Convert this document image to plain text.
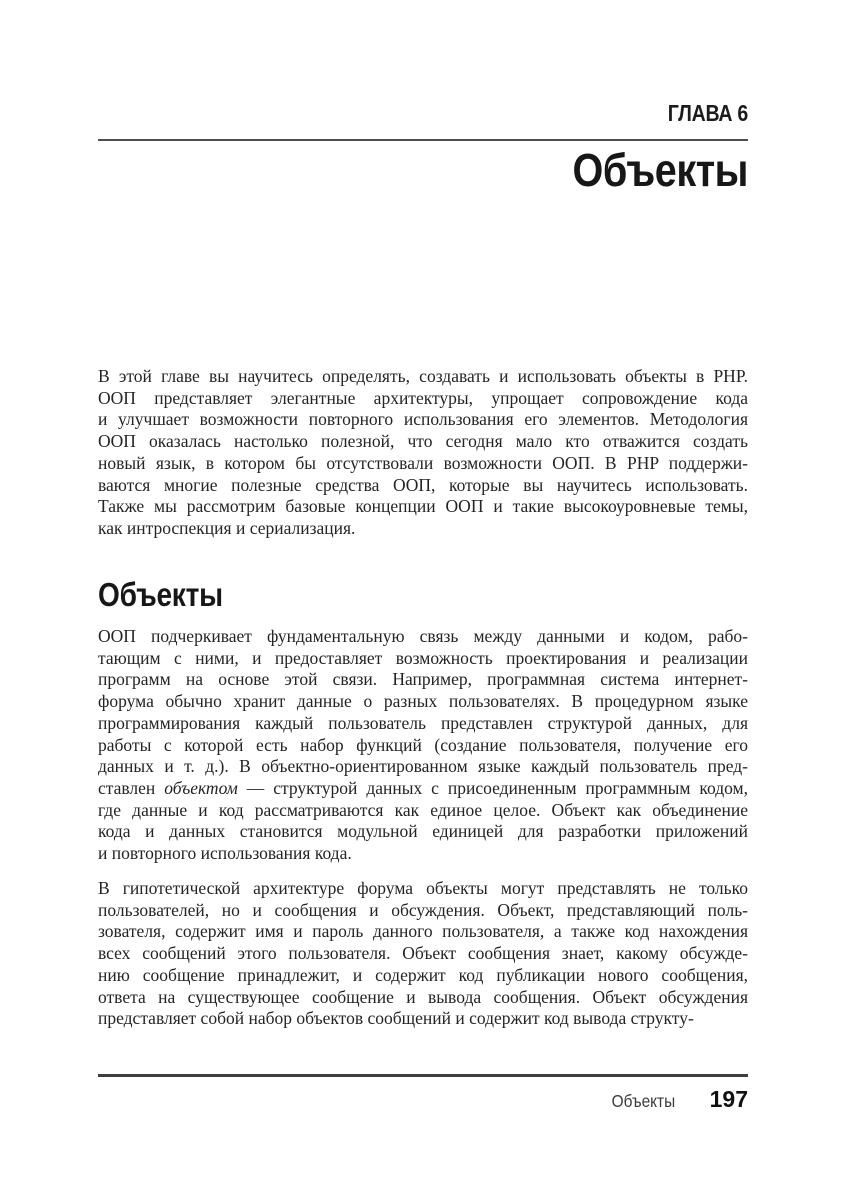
ГЛАВА 6
Объекты
В этой главе вы научитесь определять, создавать и использовать объекты в PHP.
ООП представляет элегантные архитектуры, упрощает сопровождение кода
и улучшает возможности повторного использования его элементов. Методология
ООП оказалась настолько полезной, что сегодня мало кто отважится создать
новый язык, в котором бы отсутствовали возможности ООП. В PHP поддержи-
ваются многие полезные средства ООП, которые вы научитесь использовать.
Также мы рассмотрим базовые концепции ООП и такие высокоуровневые темы,
как интроспекция и сериализация.
Объекты
ООП подчеркивает фундаментальную связь между данными и кодом, рабо-
тающим с ними, и предоставляет возможность проектирования и реализации
программ на основе этой связи. Например, программная система интернет-
форума обычно хранит данные о разных пользователях. В процедурном языке
программирования каждый пользователь представлен структурой данных, для
работы с которой есть набор функций (создание пользователя, получение его
данных и т. д.). В объектно-ориентированном языке каждый пользователь пред-
ставлен объектом — структурой данных с присоединенным программным кодом,
где данные и код рассматриваются как единое целое. Объект как объединение
кода и данных становится модульной единицей для разработки приложений
и повторного использования кода.
В гипотетической архитектуре форума объекты могут представлять не только
пользователей, но и сообщения и обсуждения. Объект, представляющий поль-
зователя, содержит имя и пароль данного пользователя, а также код нахождения
всех сообщений этого пользователя. Объект сообщения знает, какому обсужде-
нию сообщение принадлежит, и содержит код публикации нового сообщения,
ответа на существующее сообщение и вывода сообщения. Объект обсуждения
представляет собой набор объектов сообщений и содержит код вывода структу-
Объекты 197
